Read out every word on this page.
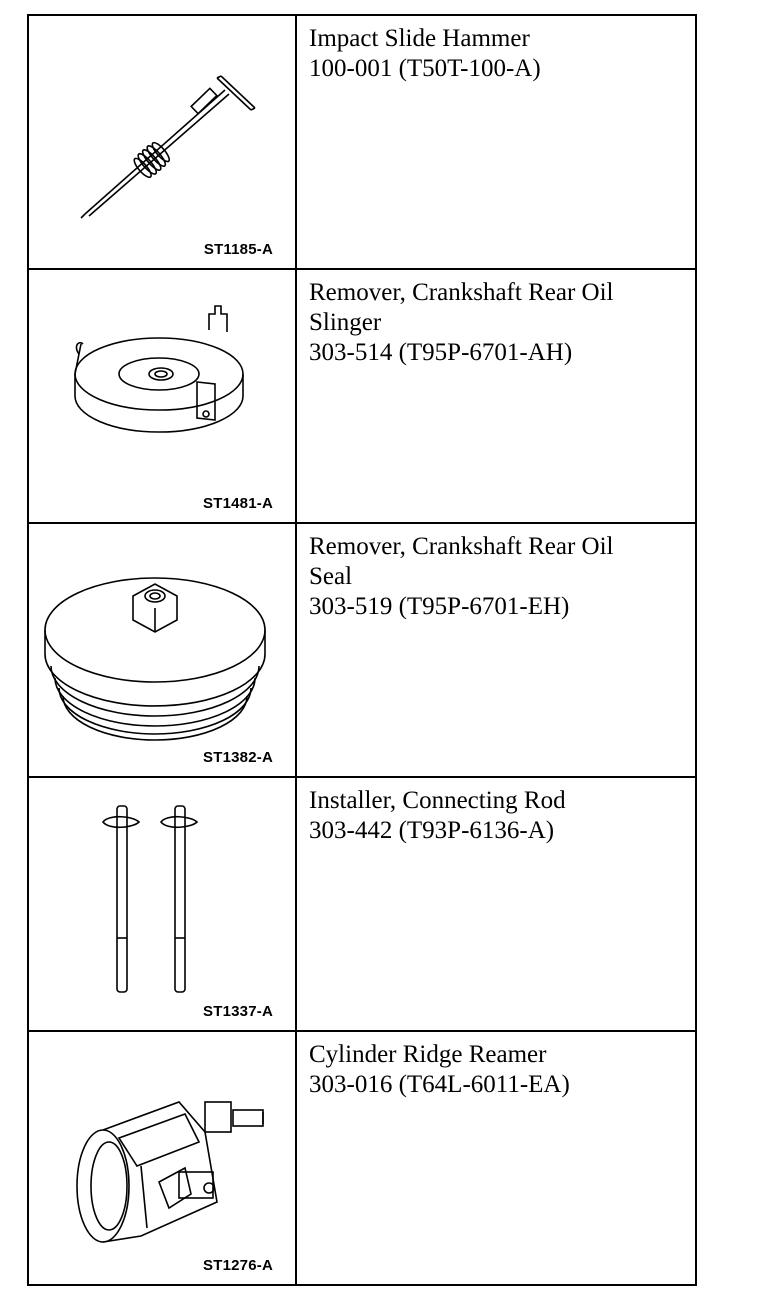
ST1185-A	Impact Slide Hammer
100-001 (T50T-100-A)

ST1481-A	Remover, Crankshaft Rear Oil
Slinger
303-514 (T95P-6701-AH)

ST1382-A	Remover, Crankshaft Rear Oil
Seal
303-519 (T95P-6701-EH)

ST1337-A	Installer, Connecting Rod
303-442 (T93P-6136-A)

ST1276-A	Cylinder Ridge Reamer
303-016 (T64L-6011-EA)
